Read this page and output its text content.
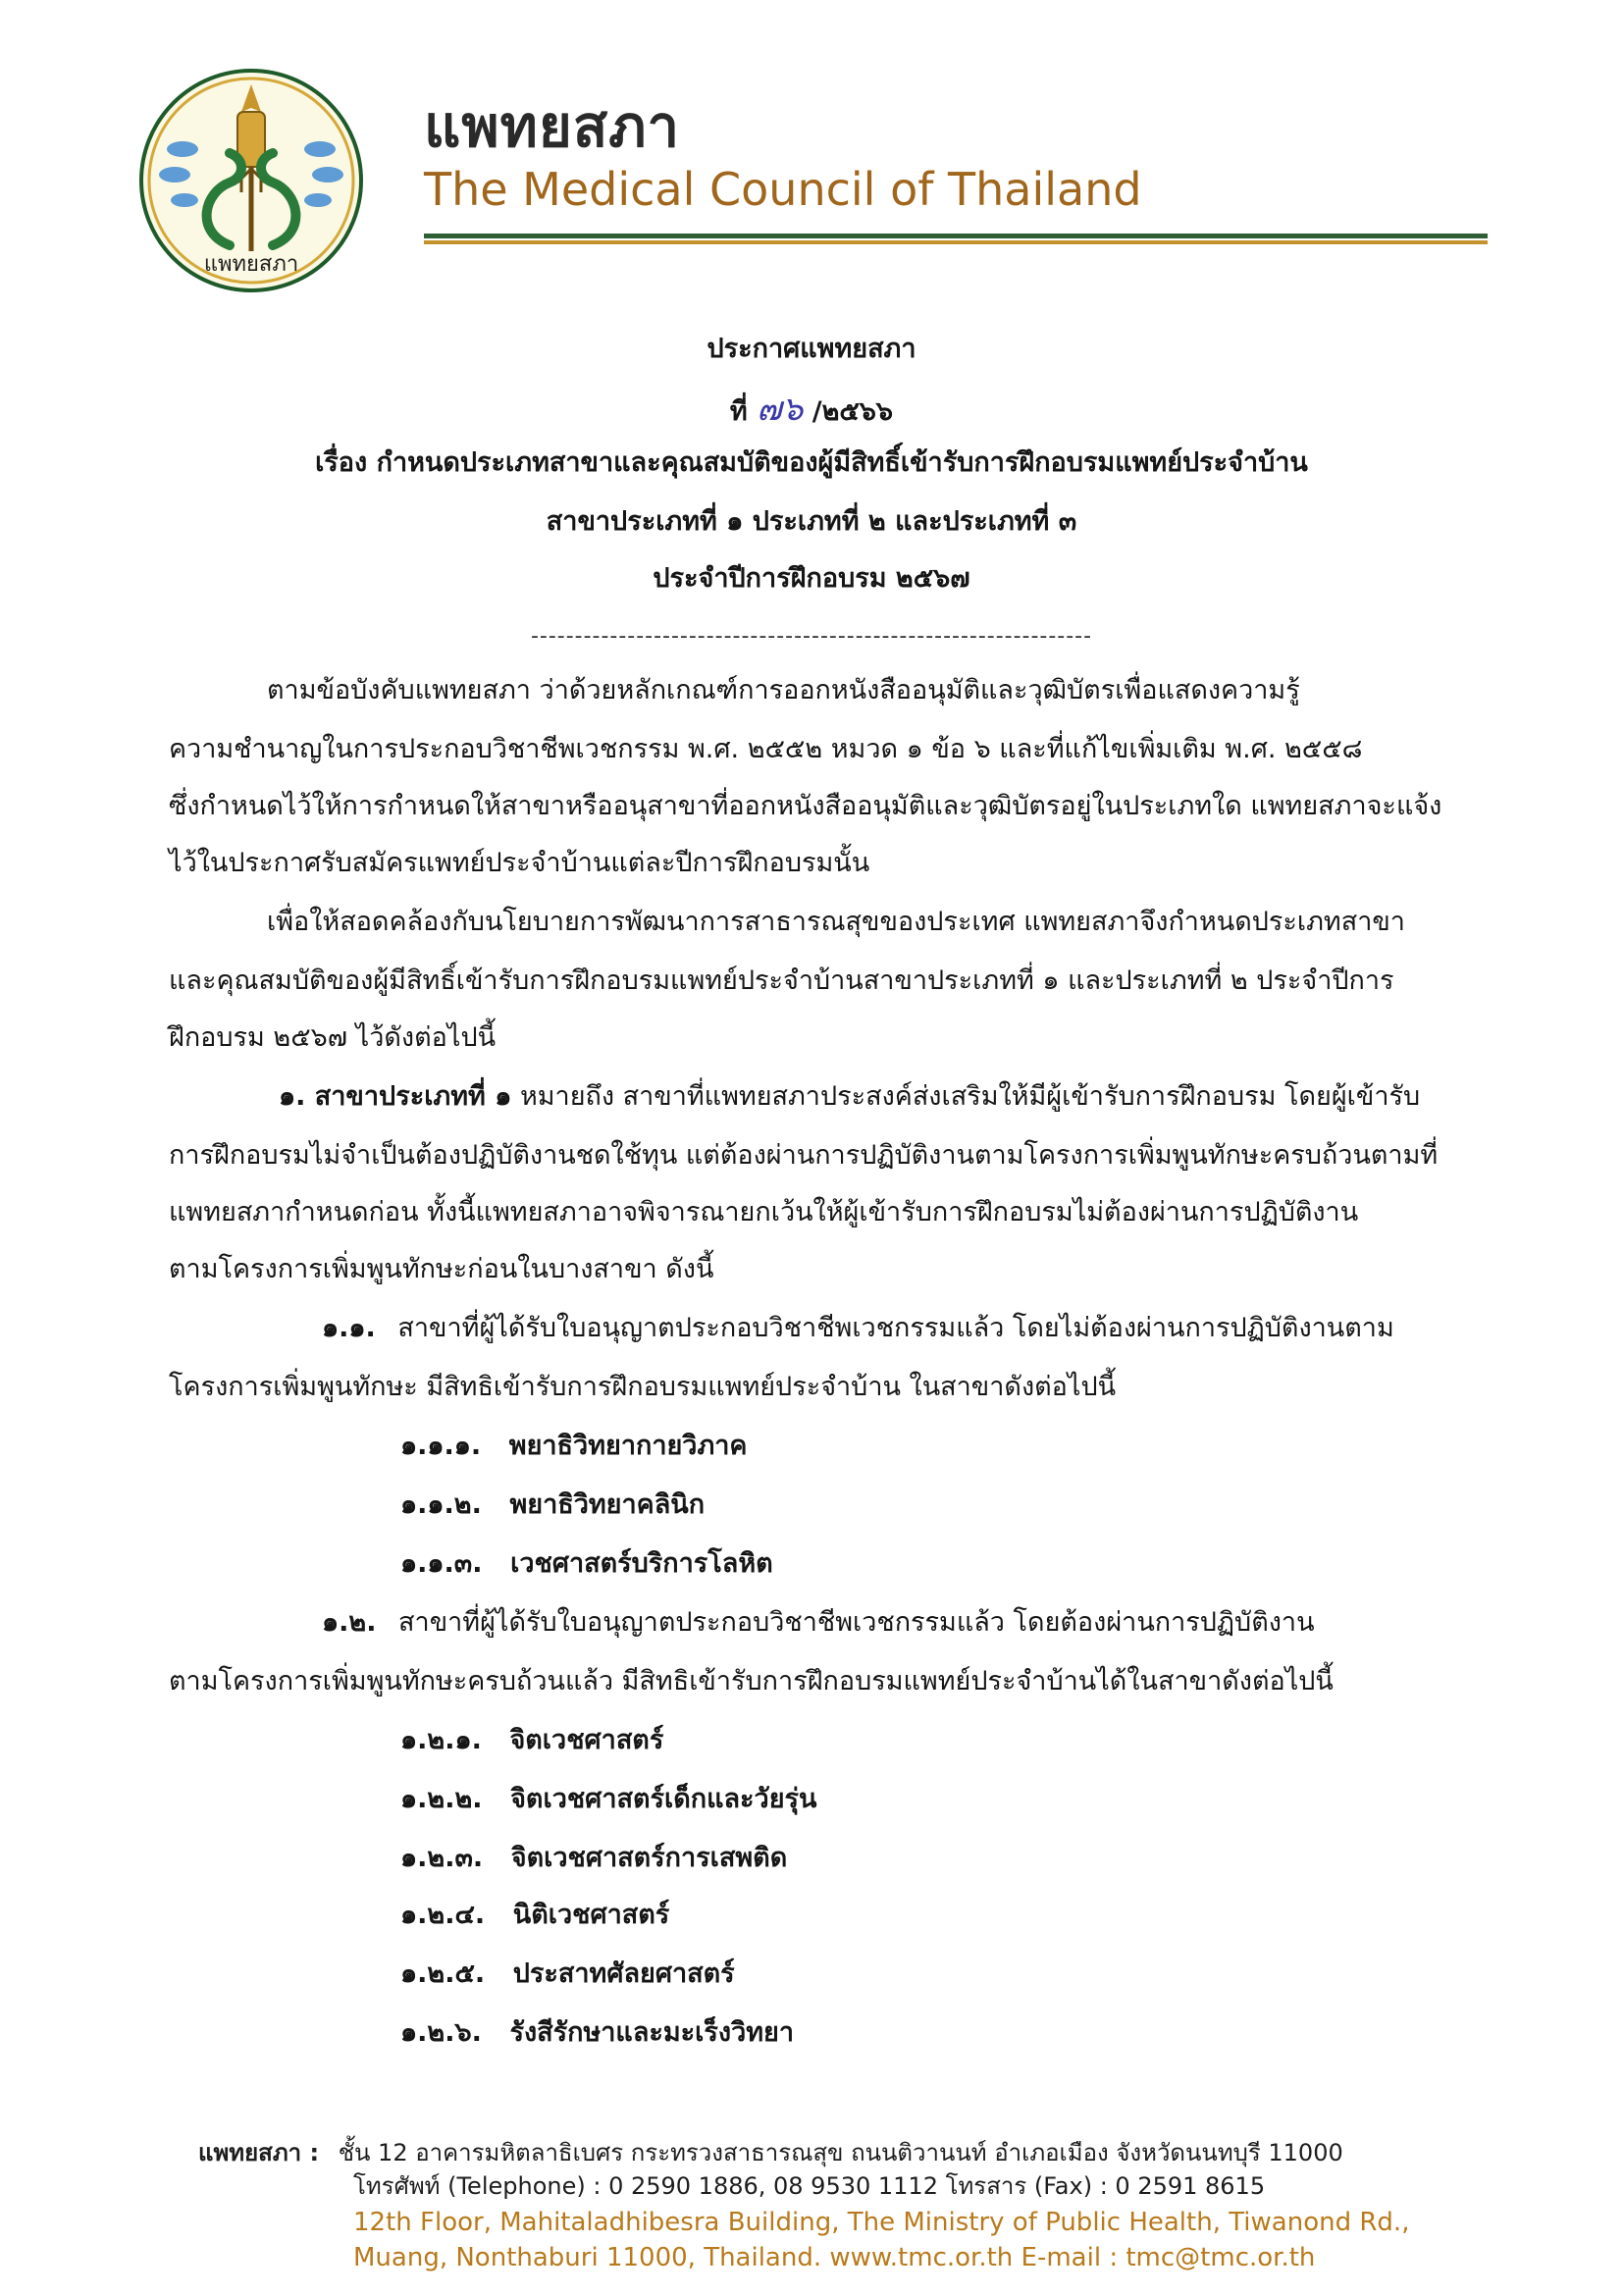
แพทยสภา
แพทยสภา
The Medical Council of Thailand
ประกาศแพทยสภา
ที่ ๗๖ /๒๕๖๖
เรื่อง กำหนดประเภทสาขาและคุณสมบัติของผู้มีสิทธิ์เข้ารับการฝึกอบรมแพทย์ประจำบ้าน
สาขาประเภทที่ ๑ ประเภทที่ ๒ และประเภทที่ ๓
ประจำปีการฝึกอบรม ๒๕๖๗
----------------------------------------------------------------
ตามข้อบังคับแพทยสภา ว่าด้วยหลักเกณฑ์การออกหนังสืออนุมัติและวุฒิบัตรเพื่อแสดงความรู้
ความชำนาญในการประกอบวิชาชีพเวชกรรม พ.ศ. ๒๕๕๒ หมวด ๑ ข้อ ๖ และที่แก้ไขเพิ่มเติม พ.ศ. ๒๕๕๘
ซึ่งกำหนดไว้ให้การกำหนดให้สาขาหรืออนุสาขาที่ออกหนังสืออนุมัติและวุฒิบัตรอยู่ในประเภทใด แพทยสภาจะแจ้ง
ไว้ในประกาศรับสมัครแพทย์ประจำบ้านแต่ละปีการฝึกอบรมนั้น
เพื่อให้สอดคล้องกับนโยบายการพัฒนาการสาธารณสุขของประเทศ แพทยสภาจึงกำหนดประเภทสาขา
และคุณสมบัติของผู้มีสิทธิ์เข้ารับการฝึกอบรมแพทย์ประจำบ้านสาขาประเภทที่ ๑ และประเภทที่ ๒ ประจำปีการ
ฝึกอบรม ๒๕๖๗ ไว้ดังต่อไปนี้
๑. สาขาประเภทที่ ๑ หมายถึง สาขาที่แพทยสภาประสงค์ส่งเสริมให้มีผู้เข้ารับการฝึกอบรม โดยผู้เข้ารับ
การฝึกอบรมไม่จำเป็นต้องปฏิบัติงานชดใช้ทุน แต่ต้องผ่านการปฏิบัติงานตามโครงการเพิ่มพูนทักษะครบถ้วนตามที่
แพทยสภากำหนดก่อน ทั้งนี้แพทยสภาอาจพิจารณายกเว้นให้ผู้เข้ารับการฝึกอบรมไม่ต้องผ่านการปฏิบัติงาน
ตามโครงการเพิ่มพูนทักษะก่อนในบางสาขา ดังนี้
๑.๑. สาขาที่ผู้ได้รับใบอนุญาตประกอบวิชาชีพเวชกรรมแล้ว โดยไม่ต้องผ่านการปฏิบัติงานตาม
โครงการเพิ่มพูนทักษะ มีสิทธิเข้ารับการฝึกอบรมแพทย์ประจำบ้าน ในสาขาดังต่อไปนี้
๑.๑.๑. พยาธิวิทยากายวิภาค
๑.๑.๒. พยาธิวิทยาคลินิก
๑.๑.๓. เวชศาสตร์บริการโลหิต
๑.๒. สาขาที่ผู้ได้รับใบอนุญาตประกอบวิชาชีพเวชกรรมแล้ว โดยต้องผ่านการปฏิบัติงาน
ตามโครงการเพิ่มพูนทักษะครบถ้วนแล้ว มีสิทธิเข้ารับการฝึกอบรมแพทย์ประจำบ้านได้ในสาขาดังต่อไปนี้
๑.๒.๑. จิตเวชศาสตร์
๑.๒.๒. จิตเวชศาสตร์เด็กและวัยรุ่น
๑.๒.๓. จิตเวชศาสตร์การเสพติด
๑.๒.๔. นิติเวชศาสตร์
๑.๒.๕. ประสาทศัลยศาสตร์
๑.๒.๖. รังสีรักษาและมะเร็งวิทยา
แพทยสภา : ชั้น 12 อาคารมหิตลาธิเบศร กระทรวงสาธารณสุข ถนนติวานนท์ อำเภอเมือง จังหวัดนนทบุรี 11000
โทรศัพท์ (Telephone) : 0 2590 1886, 08 9530 1112 โทรสาร (Fax) : 0 2591 8615
12th Floor, Mahitaladhibesra Building, The Ministry of Public Health, Tiwanond Rd.,
Muang, Nonthaburi 11000, Thailand. www.tmc.or.th E-mail : tmc@tmc.or.th
